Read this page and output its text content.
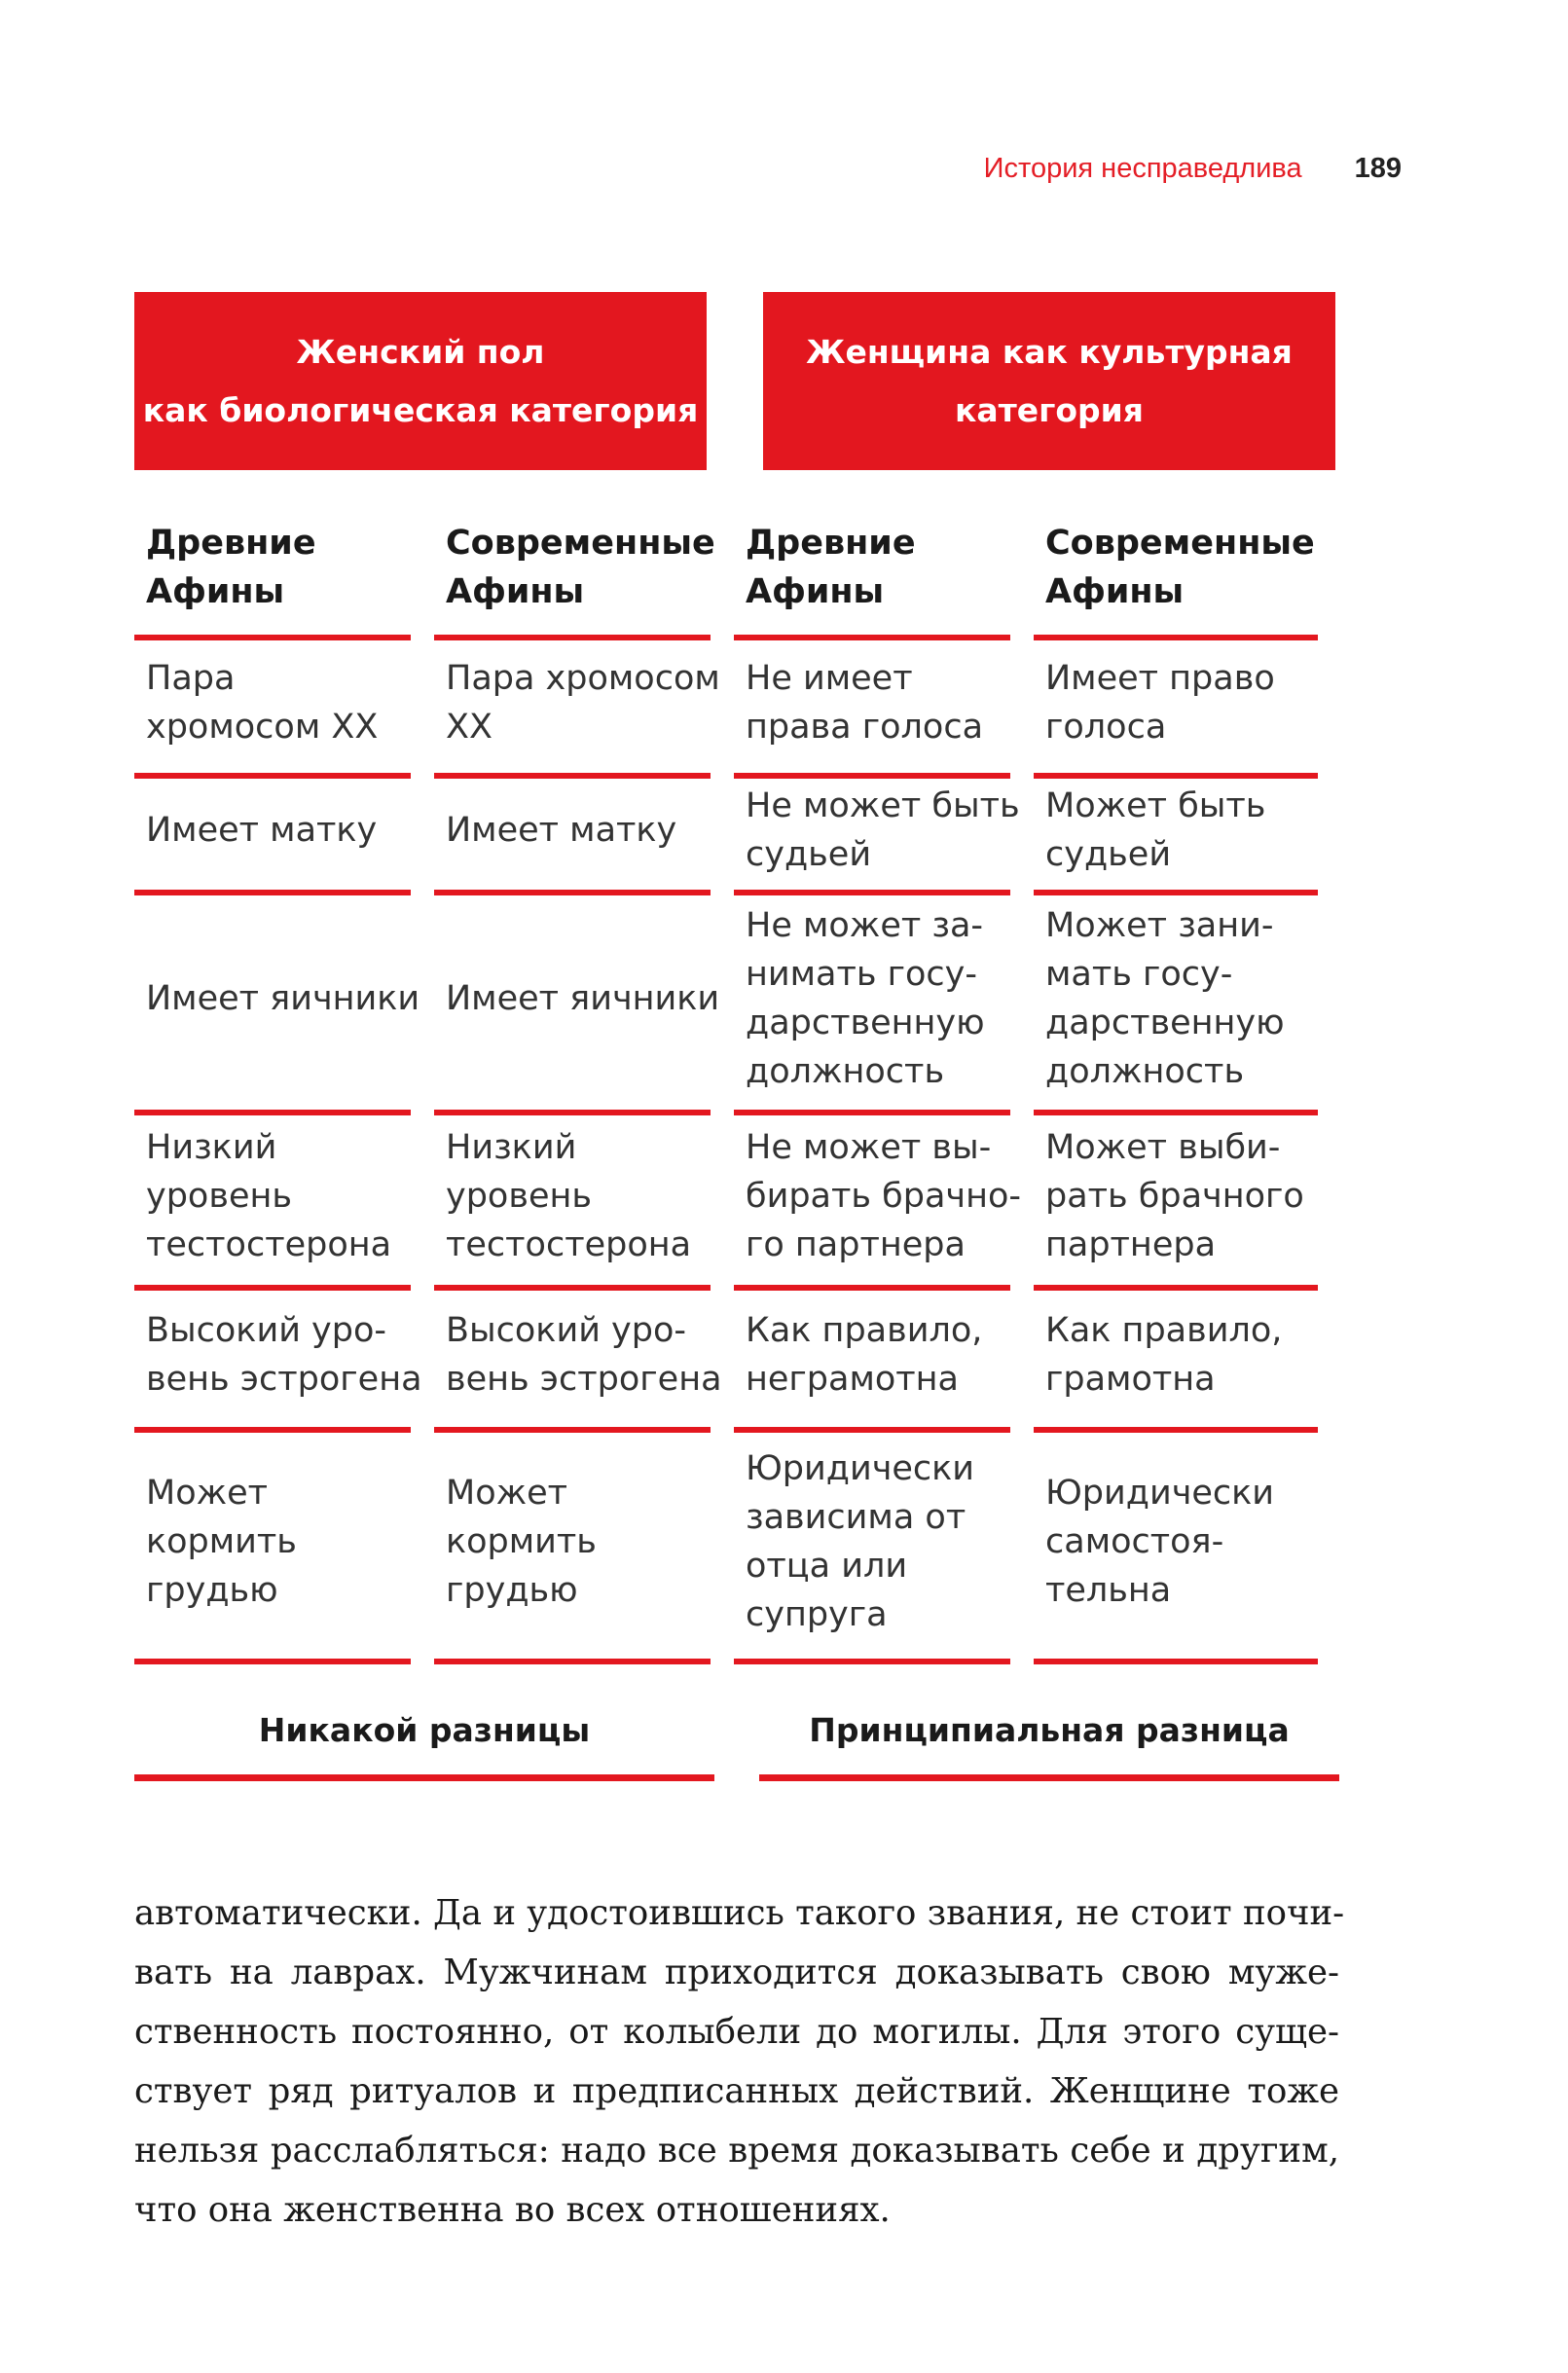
История несправедлива 189
Женский пол
как биологическая категория
Женщина как культурная
категория
Древние
Афины
Современные
Афины
Древние
Афины
Современные
Афины
Пара
хромосом XX
Пара хромосом
XX
Не имеет
права голоса
Имеет право
голоса
Имеет матку	Имеет матку
Не может быть
судьей
Может быть
судьей
Имеет яичники Имеет яичники
Не может за-
нимать госу-
дарственную
должность
Может зани-
мать госу-
дарственную
должность
Низкий уровень
тестостерона
Низкий уровень
тестостерона
Не может вы-
бирать брачно-
го партнера
Может выби-
рать брачного
партнера
Высокий уро-
вень эстрогена
Высокий уро-
вень эстрогена
Как правило,
неграмотна
Как правило,
грамотна
Может
кормить грудью
Может
кормить грудью
Юридически
зависима от
отца или
супруга
Юридически
самостоя-
тельна
Никакой разницы	Принципиальная разница
автоматически. Да и удостоившись такого звания, не стоит почи-
вать на лаврах. Мужчинам приходится доказывать свою муже-
ственность постоянно, от колыбели до могилы. Для этого суще-
ствует ряд ритуалов и предписанных действий. Женщине тоже
нельзя расслабляться: надо все время доказывать себе и другим,
что она женственна во всех отношениях.
